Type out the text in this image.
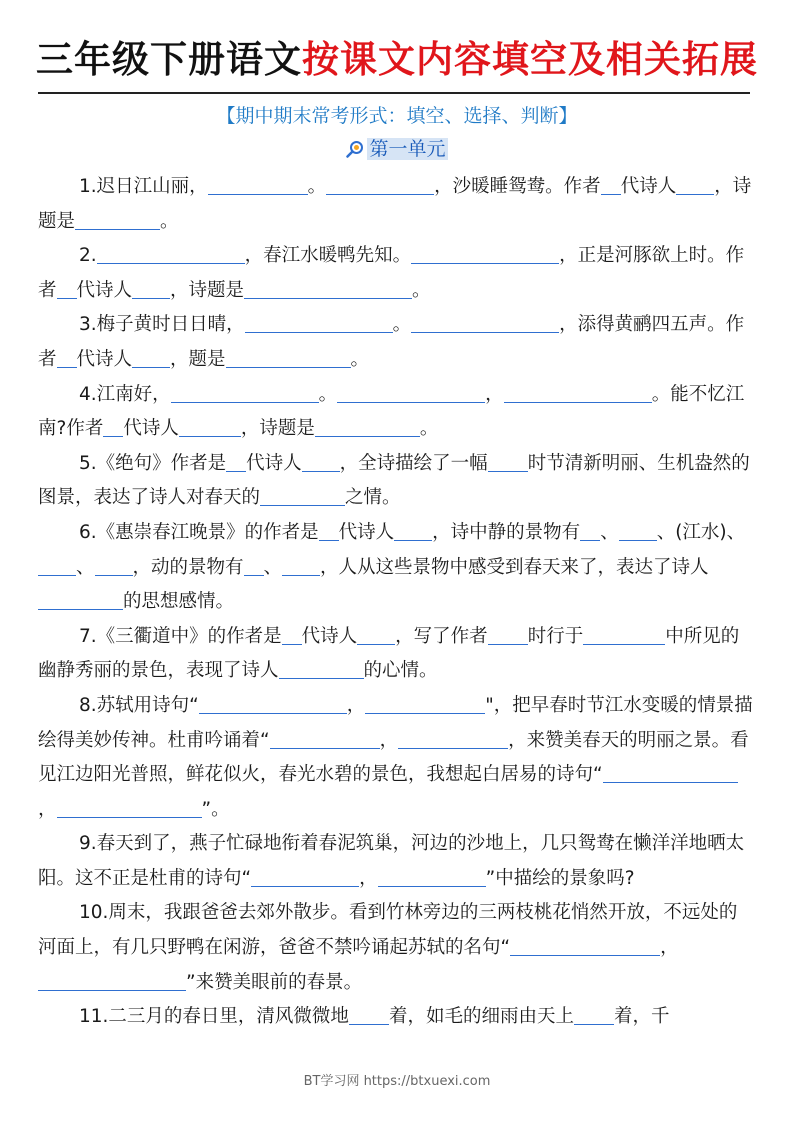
三年级下册语文按课文内容填空及相关拓展
【期中期末常考形式：填空、选择、判断】
第一单元

1.迟日江山丽，	。	，沙暖睡鸳鸯。作者 代诗人 ，诗题是	。

2.	，春江水暖鸭先知。	，正是河豚欲上时。作者 代诗人 ，诗题是	。

3.梅子黄时日日晴，	。	，添得黄鹂四五声。作者 代诗人 ，题是	。

4.江南好，	。	，	。能不忆江南?作者 代诗人	，诗题是	。

5.《绝句》作者是 代诗人 ，全诗描绘了一幅 时节清新明丽、生机盎然的图景，表达了诗人对春天的	之情。

6.《惠崇春江晚景》的作者是 代诗人 ，诗中静的景物有 、 、(江水)、、 ，动的景物有 、 ，人从这些景物中感受到春天来了，表达了诗人的思想感情。

7.《三衢道中》的作者是 代诗人 ，写了作者 时行于	中所见的幽静秀丽的景色，表现了诗人	的心情。

8.苏轼用诗句“	，	"，把早春时节江水变暖的情景描绘得美妙传神。杜甫吟诵着“	，	，来赞美春天的明丽之景。看见江边阳光普照，鲜花似火，春光水碧的景色，我想起白居易的诗句“，	”。

9.春天到了，燕子忙碌地衔着春泥筑巢，河边的沙地上，几只鸳鸯在懒洋洋地晒太阳。这不正是杜甫的诗句“	，	”中描绘的景象吗?

10.周末，我跟爸爸去郊外散步。看到竹林旁边的三两枝桃花悄然开放，不远处的河面上，有几只野鸭在闲游，爸爸不禁吟诵起苏轼的名句“	，”来赞美眼前的春景。

11.二三月的春日里，清风微微地 着，如毛的细雨由天上 着，千

BT学习网 https://btxuexi.com
